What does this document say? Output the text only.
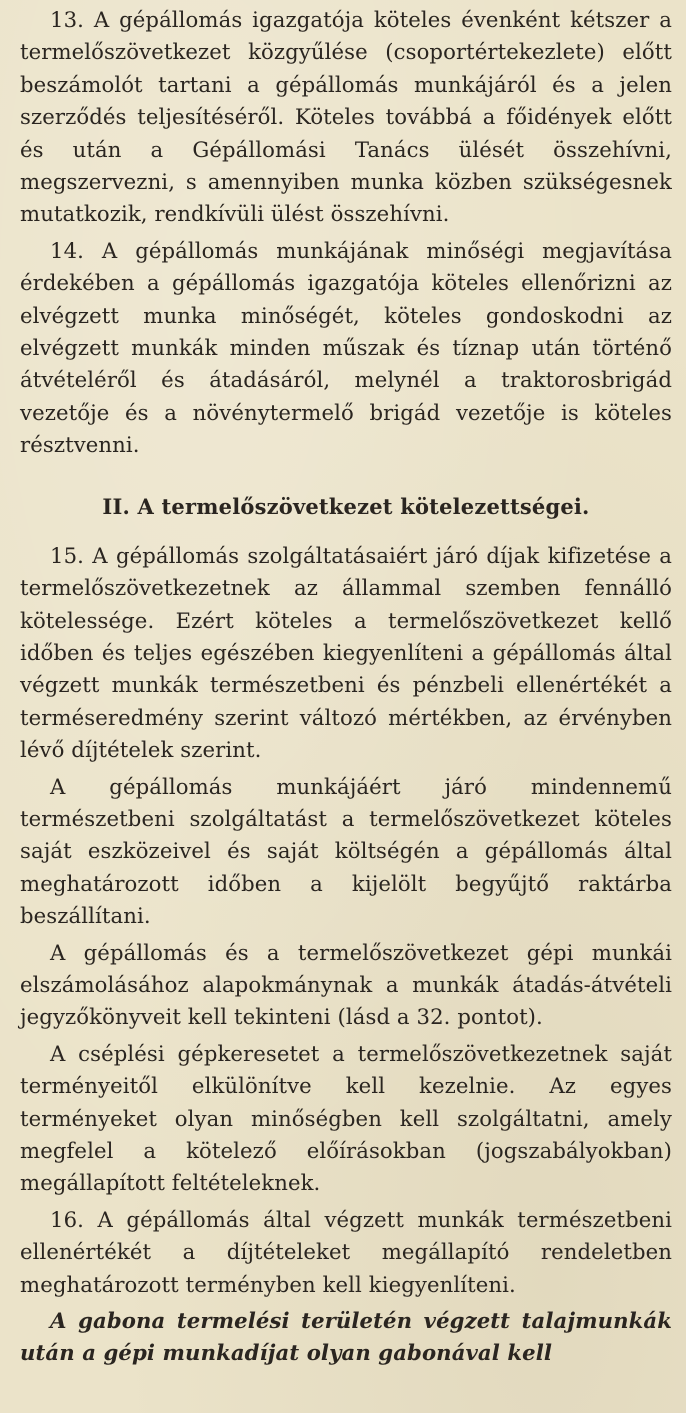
13. A gépállomás igazgatója köteles évenként kétszer a termelőszövetkezet közgyűlése (csoportértekezlete) előtt beszámolót tartani a gépállomás munkájáról és a jelen szerződés teljesítéséről. Köteles továbbá a főidények előtt és után a Gépállomási Tanács ülését összehívni, megszervezni, s amennyiben munka közben szükségesnek mutatkozik, rendkívüli ülést összehívni.

14. A gépállomás munkájának minőségi megjavítása érdekében a gépállomás igazgatója köteles ellenőrizni az elvégzett munka minőségét, köteles gondoskodni az elvégzett munkák minden műszak és tíznap után történő átvételéről és átadásáról, melynél a traktorosbrigád vezetője és a növénytermelő brigád vezetője is köteles résztvenni.

II. A termelőszövetkezet kötelezettségei.

15. A gépállomás szolgáltatásaiért járó díjak kifizetése a termelőszövetkezetnek az állammal szemben fennálló kötelessége. Ezért köteles a termelőszövetkezet kellő időben és teljes egészében kiegyenlíteni a gépállomás által végzett munkák természetbeni és pénzbeli ellenértékét a terméseredmény szerint változó mértékben, az érvényben lévő díjtételek szerint.

A gépállomás munkájáért járó mindennemű természetbeni szolgáltatást a termelőszövetkezet köteles saját eszközeivel és saját költségén a gépállomás által meghatározott időben a kijelölt begyűjtő raktárba beszállítani.

A gépállomás és a termelőszövetkezet gépi munkái elszámolásához alapokmánynak a munkák átadás-átvételi jegyzőkönyveit kell tekinteni (lásd a 32. pontot).

A cséplési gépkeresetet a termelőszövetkezetnek saját terményeitől elkülönítve kell kezelnie. Az egyes terményeket olyan minőségben kell szolgáltatni, amely megfelel a kötelező előírásokban (jogszabályokban) megállapított feltételeknek.

16. A gépállomás által végzett munkák természetbeni ellenértékét a díjtételeket megállapító rendeletben meghatározott terményben kell kiegyenlíteni.

A gabona termelési területén végzett talajmunkák után a gépi munkadíjat olyan gabonával kell
